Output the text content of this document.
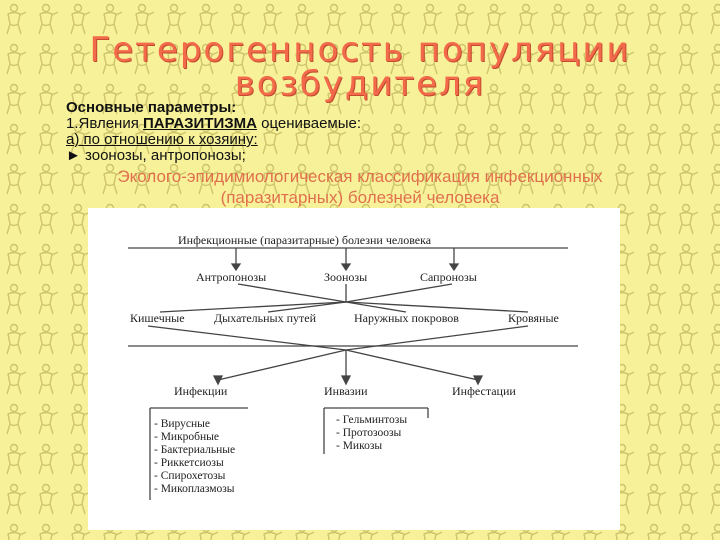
Гетерогенность популяции
возбудителя
Основные параметры:
1.Явления ПАРАЗИТИЗМА оцениваемые:
а) по отношению к хозяину:
► зоонозы, антропонозы;
Эколого-эпидимиологическая классификация инфекционных
(паразитарных) болезней человека
Инфекционные (паразитарные) болезни человека
Антропонозы	Зоонозы	Сапронозы
Кишечные Дыхательных путей	Наружных покровов	Кровяные
Инфекции	Инвазии	Инфестации
- Вирусные
- Микробные
- Бактериальные
- Риккетсиозы
- Спирохетозы
- Микоплазмозы
- Гельминтозы
- Протозоозы
- Микозы
